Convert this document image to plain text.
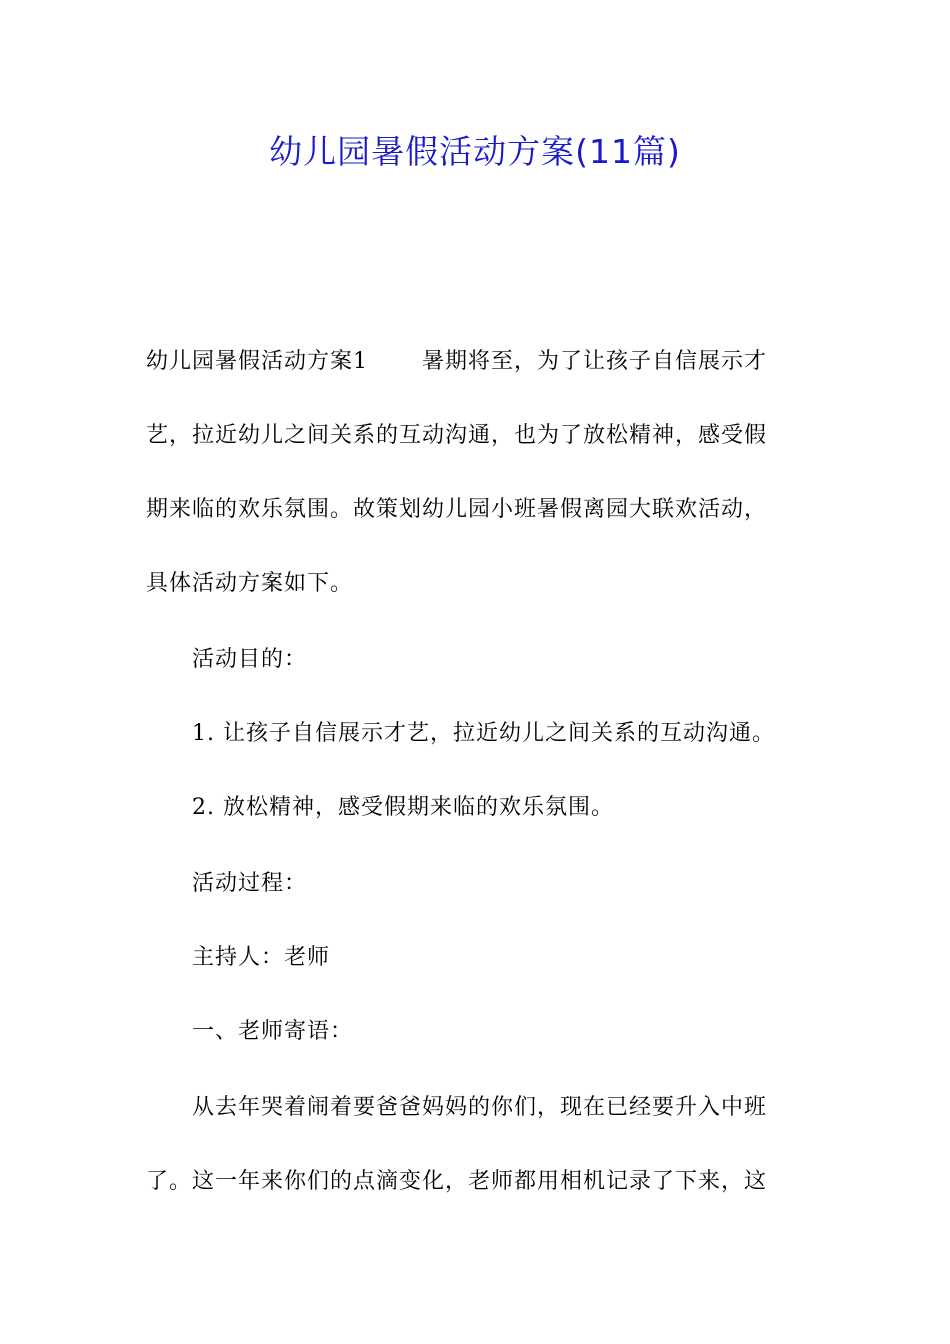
幼儿园暑假活动方案(11篇)
幼儿园暑假活动方案1 暑期将至，为了让孩子自信展示才
艺，拉近幼儿之间关系的互动沟通，也为了放松精神，感受假
期来临的欢乐氛围。故策划幼儿园小班暑假离园大联欢活动，
具体活动方案如下。
活动目的：
1. 让孩子自信展示才艺，拉近幼儿之间关系的互动沟通。
2. 放松精神，感受假期来临的欢乐氛围。
活动过程：
主持人：老师
一、老师寄语：
从去年哭着闹着要爸爸妈妈的你们，现在已经要升入中班
了。这一年来你们的点滴变化，老师都用相机记录了下来，这
